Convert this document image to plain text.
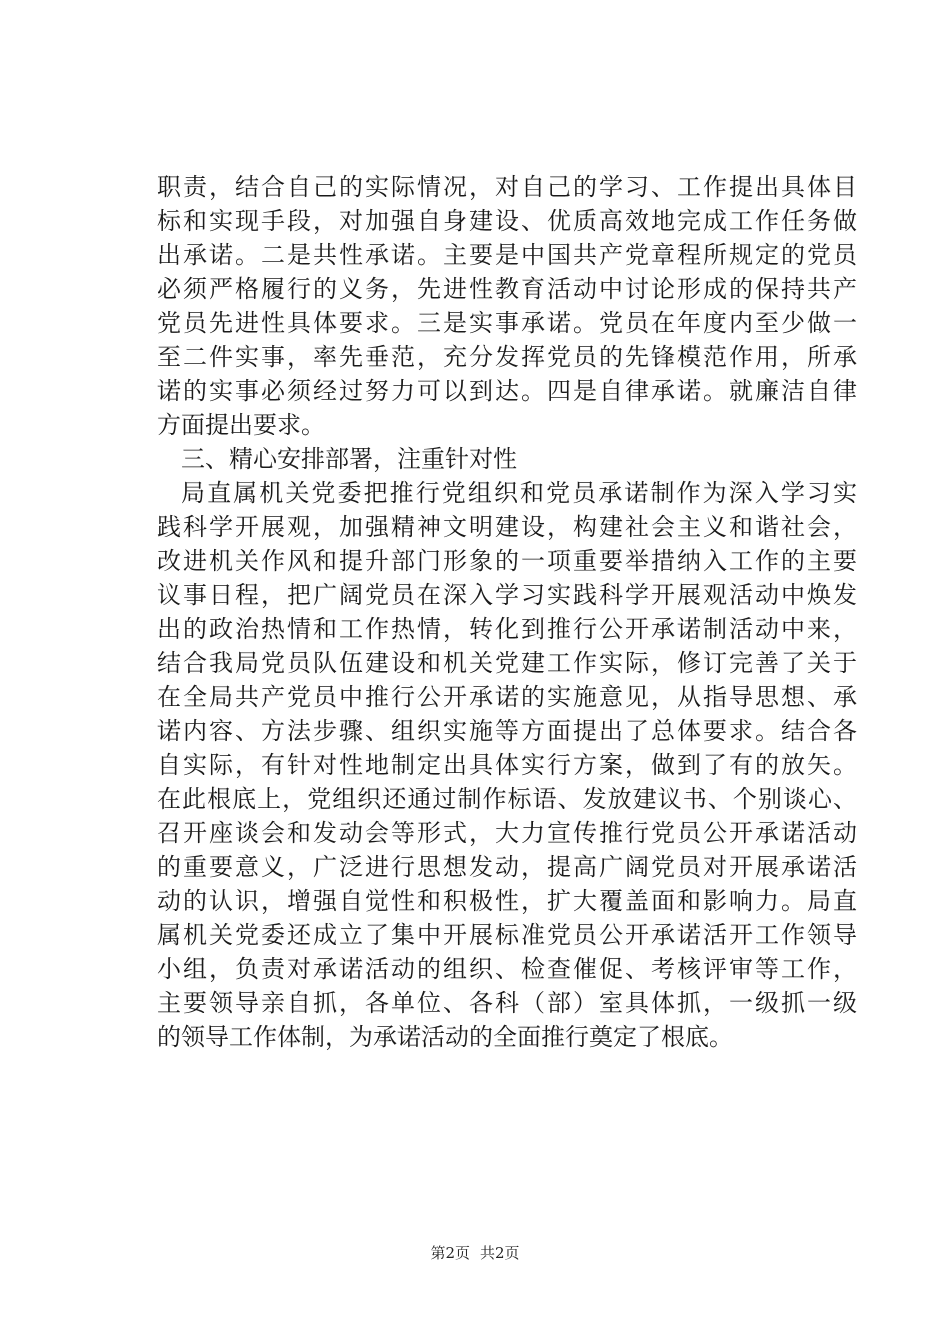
职责，结合自己的实际情况，对自己的学习、工作提出具体目
标和实现手段，对加强自身建设、优质高效地完成工作任务做
出承诺。二是共性承诺。主要是中国共产党章程所规定的党员
必须严格履行的义务，先进性教育活动中讨论形成的保持共产
党员先进性具体要求。三是实事承诺。党员在年度内至少做一
至二件实事，率先垂范，充分发挥党员的先锋模范作用，所承
诺的实事必须经过努力可以到达。四是自律承诺。就廉洁自律
方面提出要求。
三、精心安排部署，注重针对性
局直属机关党委把推行党组织和党员承诺制作为深入学习实
践科学开展观，加强精神文明建设，构建社会主义和谐社会，
改进机关作风和提升部门形象的一项重要举措纳入工作的主要
议事日程，把广阔党员在深入学习实践科学开展观活动中焕发
出的政治热情和工作热情，转化到推行公开承诺制活动中来，
结合我局党员队伍建设和机关党建工作实际，修订完善了关于
在全局共产党员中推行公开承诺的实施意见，从指导思想、承
诺内容、方法步骤、组织实施等方面提出了总体要求。结合各
自实际，有针对性地制定出具体实行方案，做到了有的放矢。
在此根底上，党组织还通过制作标语、发放建议书、个别谈心、
召开座谈会和发动会等形式，大力宣传推行党员公开承诺活动
的重要意义，广泛进行思想发动，提高广阔党员对开展承诺活
动的认识，增强自觉性和积极性，扩大覆盖面和影响力。局直
属机关党委还成立了集中开展标准党员公开承诺活开工作领导
小组，负责对承诺活动的组织、检查催促、考核评审等工作，
主要领导亲自抓，各单位、各科（部）室具体抓，一级抓一级
的领导工作体制，为承诺活动的全面推行奠定了根底。
第2页 共2页
